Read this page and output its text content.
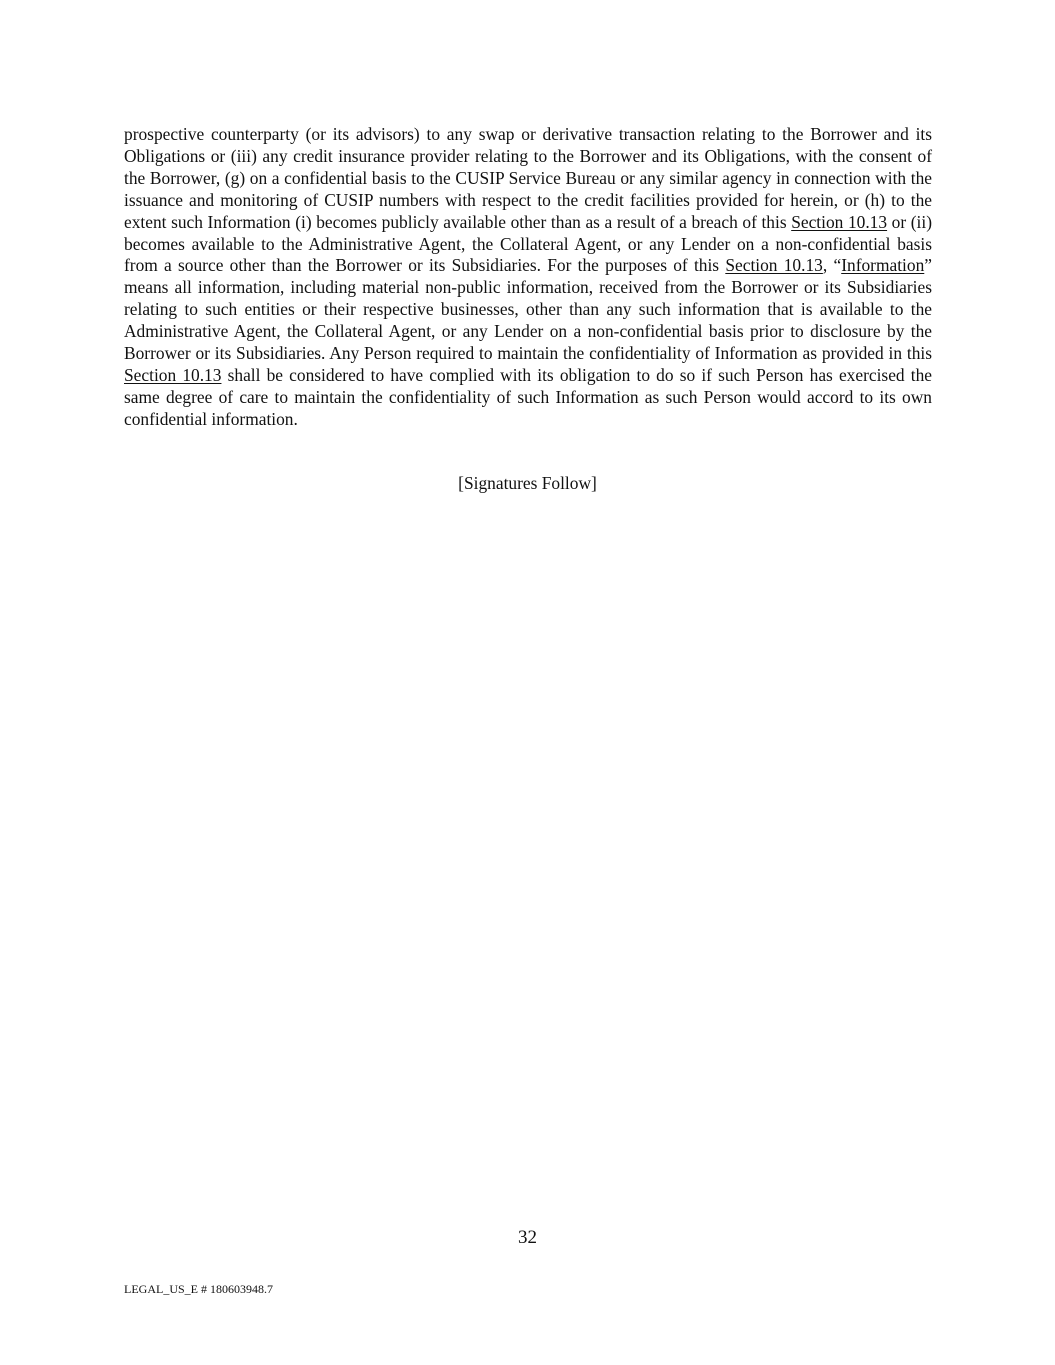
prospective counterparty (or its advisors) to any swap or derivative transaction relating to the Borrower and its Obligations or (iii) any credit insurance provider relating to the Borrower and its Obligations, with the consent of the Borrower, (g) on a confidential basis to the CUSIP Service Bureau or any similar agency in connection with the issuance and monitoring of CUSIP numbers with respect to the credit facilities provided for herein, or (h) to the extent such Information (i) becomes publicly available other than as a result of a breach of this Section 10.13 or (ii) becomes available to the Administrative Agent, the Collateral Agent, or any Lender on a non-confidential basis from a source other than the Borrower or its Subsidiaries. For the purposes of this Section 10.13, “Information” means all information, including material non-public information, received from the Borrower or its Subsidiaries relating to such entities or their respective businesses, other than any such information that is available to the Administrative Agent, the Collateral Agent, or any Lender on a non-confidential basis prior to disclosure by the Borrower or its Subsidiaries. Any Person required to maintain the confidentiality of Information as provided in this Section 10.13 shall be considered to have complied with its obligation to do so if such Person has exercised the same degree of care to maintain the confidentiality of such Information as such Person would accord to its own confidential information.

[Signatures Follow]

32

LEGAL_US_E # 180603948.7
